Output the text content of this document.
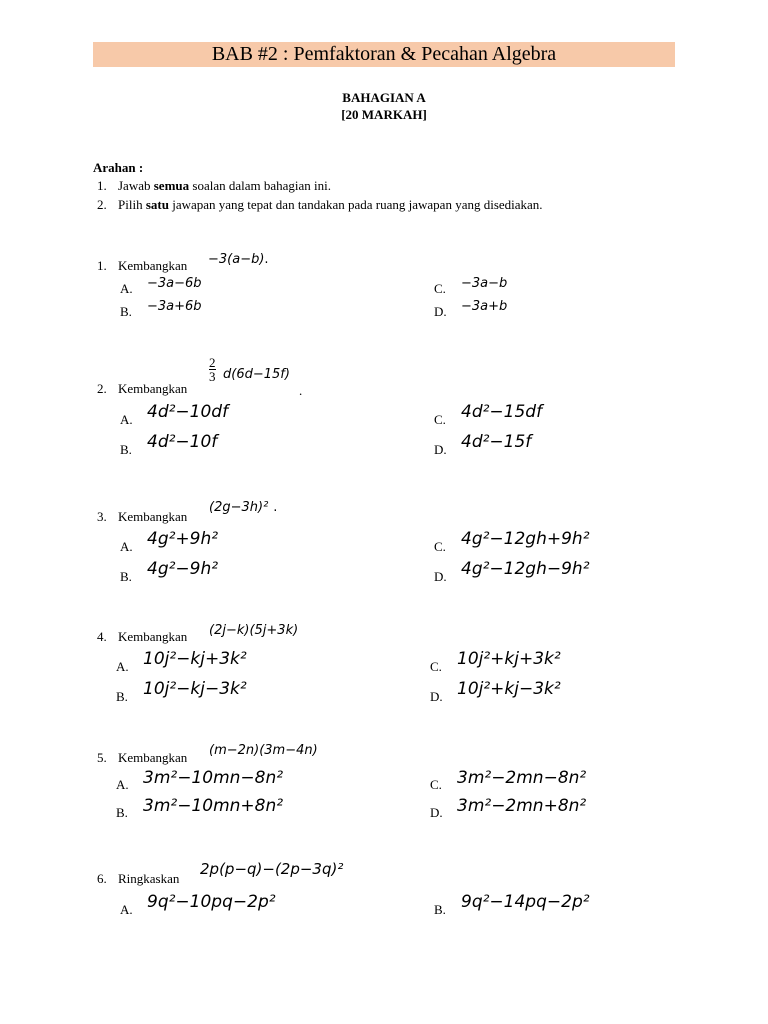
BAB #2 : Pemfaktoran & Pecahan Algebra
BAHAGIAN A
[20 MARKAH]
Arahan :
1. Jawab semua soalan dalam bahagian ini.
2. Pilih satu jawapan yang tepat dan tandakan pada ruang jawapan yang disediakan.
1. Kembangkan −3(a−b).
A. −3a−6b
B. −3a+6b
C. −3a−b
D. −3a+b
2. Kembangkan
$\frac{2}{3} d(6d-15f)$
.
A. 4d²−10df
B. 4d²−10f
C. 4d²−15df
D. 4d²−15f
3. Kembangkan
(2g−3h)² .
A. 4g²+9h²
B. 4g²−9h²
C. 4g²−12gh+9h²
D. 4g²−12gh−9h²
4. Kembangkan (2j−k)(5j+3k)
A. 10j²−kj+3k²
B. 10j²−kj−3k²
C. 10j²+kj+3k²
D. 10j²+kj−3k²
5. Kembangkan (m−2n)(3m−4n)
A. 3m²−10mn−8n²
B. 3m²−10mn+8n²
C. 3m²−2mn−8n²
D. 3m²−2mn+8n²
6. Ringkaskan
2p(p−q)−(2p−3q)²
A. 9q²−10pq−2p²	B. 9q²−14pq−2p²
